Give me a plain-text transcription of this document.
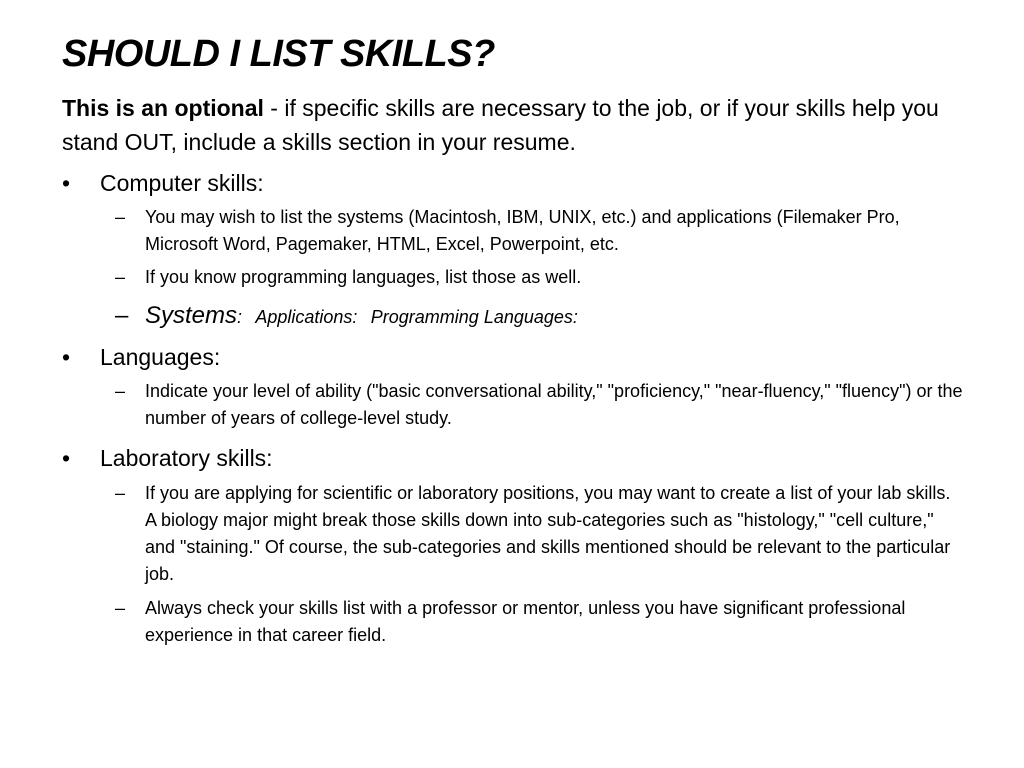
SHOULD I LIST SKILLS?
This is an optional - if specific skills are necessary to the job, or if your skills help you stand OUT, include a skills section in your resume.
•	Computer skills:
– You may wish to list the systems (Macintosh, IBM, UNIX, etc.) and applications (Filemaker Pro, Microsoft Word, Pagemaker, HTML, Excel, Powerpoint, etc.
– If you know programming languages, list those as well.
– Systems: Applications: Programming Languages:
•	Languages:
– Indicate your level of ability ("basic conversational ability," "proficiency," "near-fluency," "fluency") or the number of years of college-level study.
•	Laboratory skills:
– If you are applying for scientific or laboratory positions, you may want to create a list of your lab skills. A biology major might break those skills down into sub-categories such as "histology," "cell culture," and "staining." Of course, the sub-categories and skills mentioned should be relevant to the particular job.
– Always check your skills list with a professor or mentor, unless you have significant professional experience in that career field.
